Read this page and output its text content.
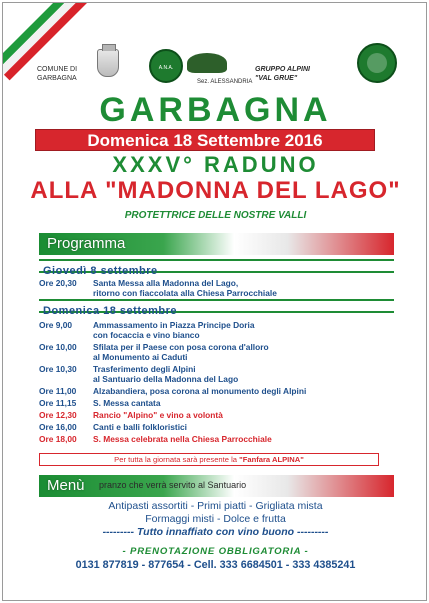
COMUNE DI
GARBAGNA
A.N.A.
Sez. ALESSANDRIA
GRUPPO ALPINI
"VAL GRUE"
GARBAGNA
Domenica 18 Settembre 2016
XXXV° RADUNO
ALLA "MADONNA DEL LAGO"
PROTETTRICE DELLE NOSTRE VALLI
Programma
Giovedì 8 settembre
Ore 20,30	Santa Messa alla Madonna del Lago,
ritorno con fiaccolata alla Chiesa Parrocchiale
Domenica 18 settembre
Ore 9,00	Ammassamento in Piazza Principe Doria
con focaccia e vino bianco
Ore 10,00	Sfilata per il Paese con posa corona d'alloro
al Monumento ai Caduti
Ore 10,30	Trasferimento degli Alpini
al Santuario della Madonna del Lago
Ore 11,00	Alzabandiera, posa corona al monumento degli Alpini
Ore 11,15	S. Messa cantata
Ore 12,30	Rancio "Alpino" e vino a volontà
Ore 16,00	Canti e balli folkloristici
Ore 18,00	S. Messa celebrata nella Chiesa Parrocchiale
Per tutta la giornata sarà presente la "Fanfara ALPINA"
Menù pranzo che verrà servito al Santuario
Antipasti assortiti - Primi piatti - Grigliata mista
Formaggi misti - Dolce e frutta
--------- Tutto innaffiato con vino buono ---------
- PRENOTAZIONE OBBLIGATORIA -
0131 877819 - 877654 - Cell. 333 6684501 - 333 4385241
